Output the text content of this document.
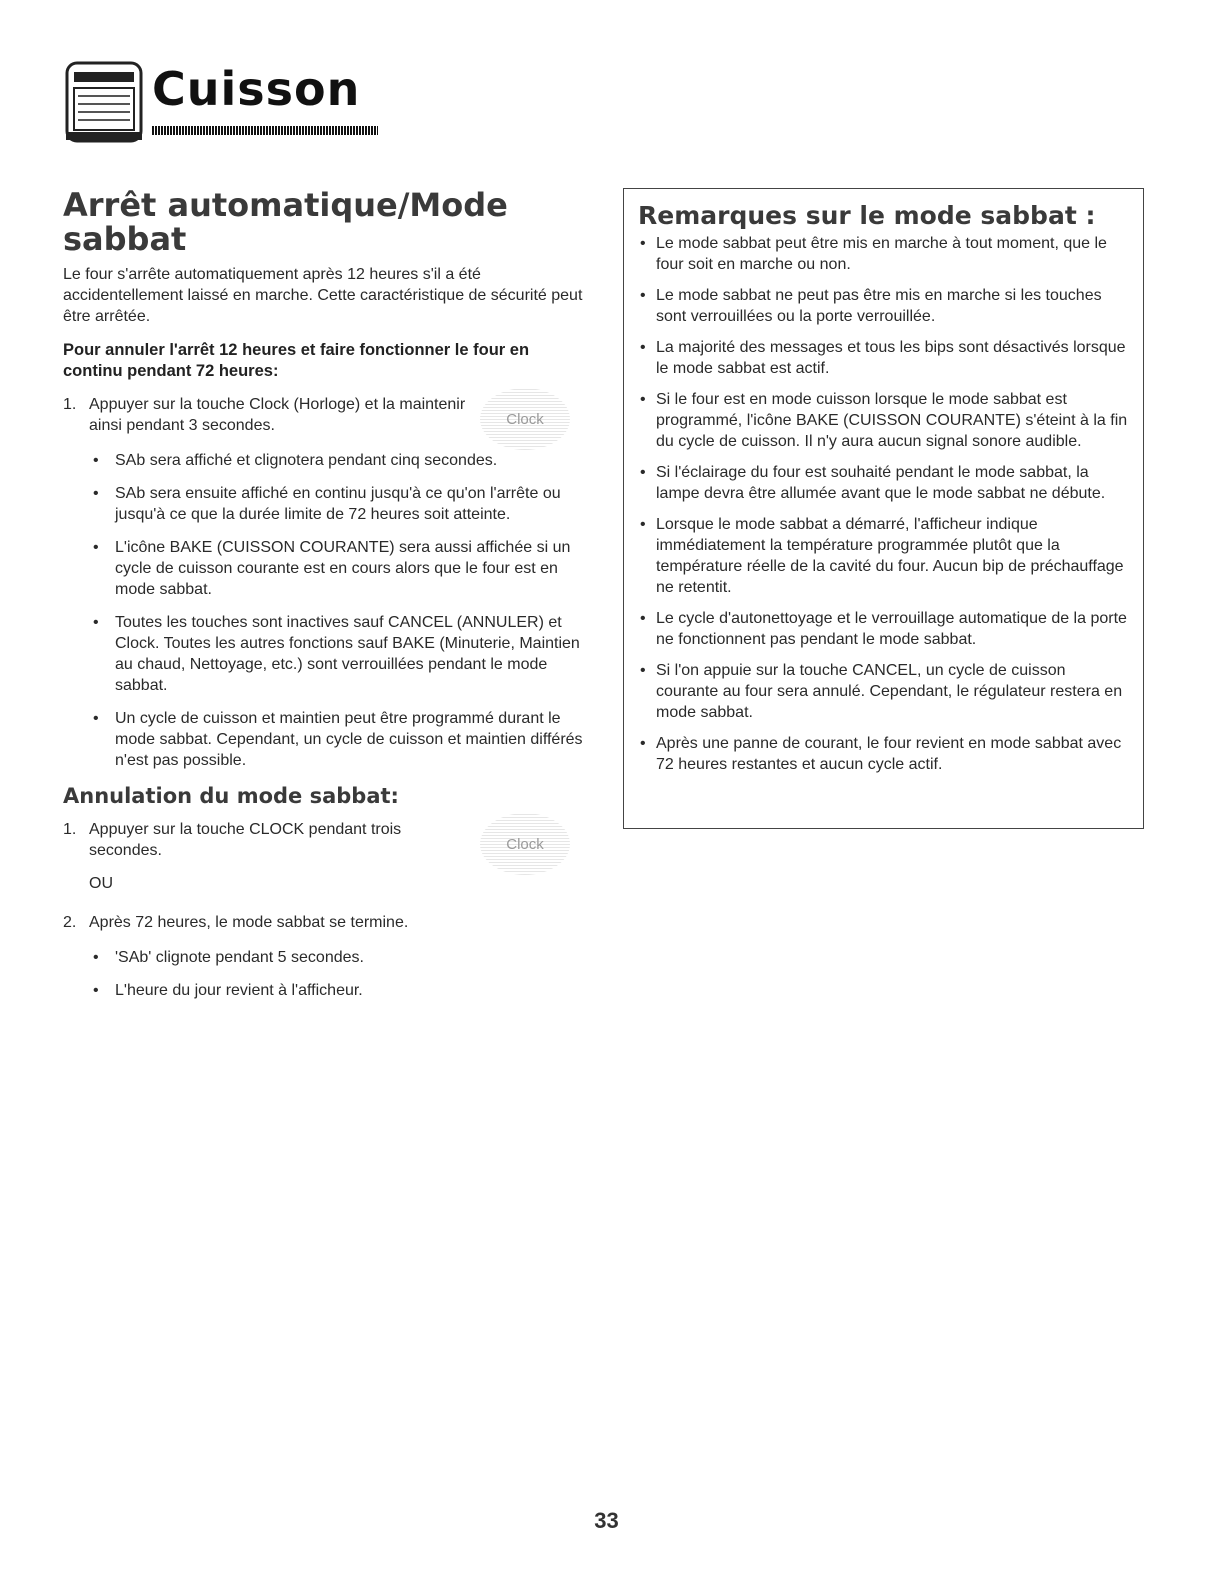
Cuisson
Arrêt automatique/Mode sabbat

Le four s'arrête automatiquement après 12 heures s'il a été accidentellement laissé en marche. Cette caractéristique de sécurité peut être arrêtée.

Pour annuler l'arrêt 12 heures et faire fonctionner le four en continu pendant 72 heures:

1. Appuyer sur la touche Clock (Horloge) et la maintenir ainsi pendant 3 secondes.	Clock
• SAb sera affiché et clignotera pendant cinq secondes.
• SAb sera ensuite affiché en continu jusqu'à ce qu'on l'arrête ou jusqu'à ce que la durée limite de 72 heures soit atteinte.
• L'icône BAKE (CUISSON COURANTE) sera aussi affichée si un cycle de cuisson courante est en cours alors que le four est en mode sabbat.
• Toutes les touches sont inactives sauf CANCEL (ANNULER) et Clock. Toutes les autres fonctions sauf BAKE (Minuterie, Maintien au chaud, Nettoyage, etc.) sont verrouillées pendant le mode sabbat.
• Un cycle de cuisson et maintien peut être programmé durant le mode sabbat. Cependant, un cycle de cuisson et maintien différés n'est pas possible.
Annulation du mode sabbat:
1. Appuyer sur la touche CLOCK pendant trois secondes.	Clock
OU
2. Après 72 heures, le mode sabbat se termine.
• 'SAb' clignote pendant 5 secondes.
• L'heure du jour revient à l'afficheur.
Remarques sur le mode sabbat :
• Le mode sabbat peut être mis en marche à tout moment, que le four soit en marche ou non.
• Le mode sabbat ne peut pas être mis en marche si les touches sont verrouillées ou la porte verrouillée.
• La majorité des messages et tous les bips sont désactivés lorsque le mode sabbat est actif.
• Si le four est en mode cuisson lorsque le mode sabbat est programmé, l'icône BAKE (CUISSON COURANTE) s'éteint à la fin du cycle de cuisson. Il n'y aura aucun signal sonore audible.
• Si l'éclairage du four est souhaité pendant le mode sabbat, la lampe devra être allumée avant que le mode sabbat ne débute.
• Lorsque le mode sabbat a démarré, l'afficheur indique immédiatement la température programmée plutôt que la température réelle de la cavité du four. Aucun bip de préchauffage ne retentit.
• Le cycle d'autonettoyage et le verrouillage automatique de la porte ne fonctionnent pas pendant le mode sabbat.
• Si l'on appuie sur la touche CANCEL, un cycle de cuisson courante au four sera annulé. Cependant, le régulateur restera en mode sabbat.
• Après une panne de courant, le four revient en mode sabbat avec 72 heures restantes et aucun cycle actif.
33
